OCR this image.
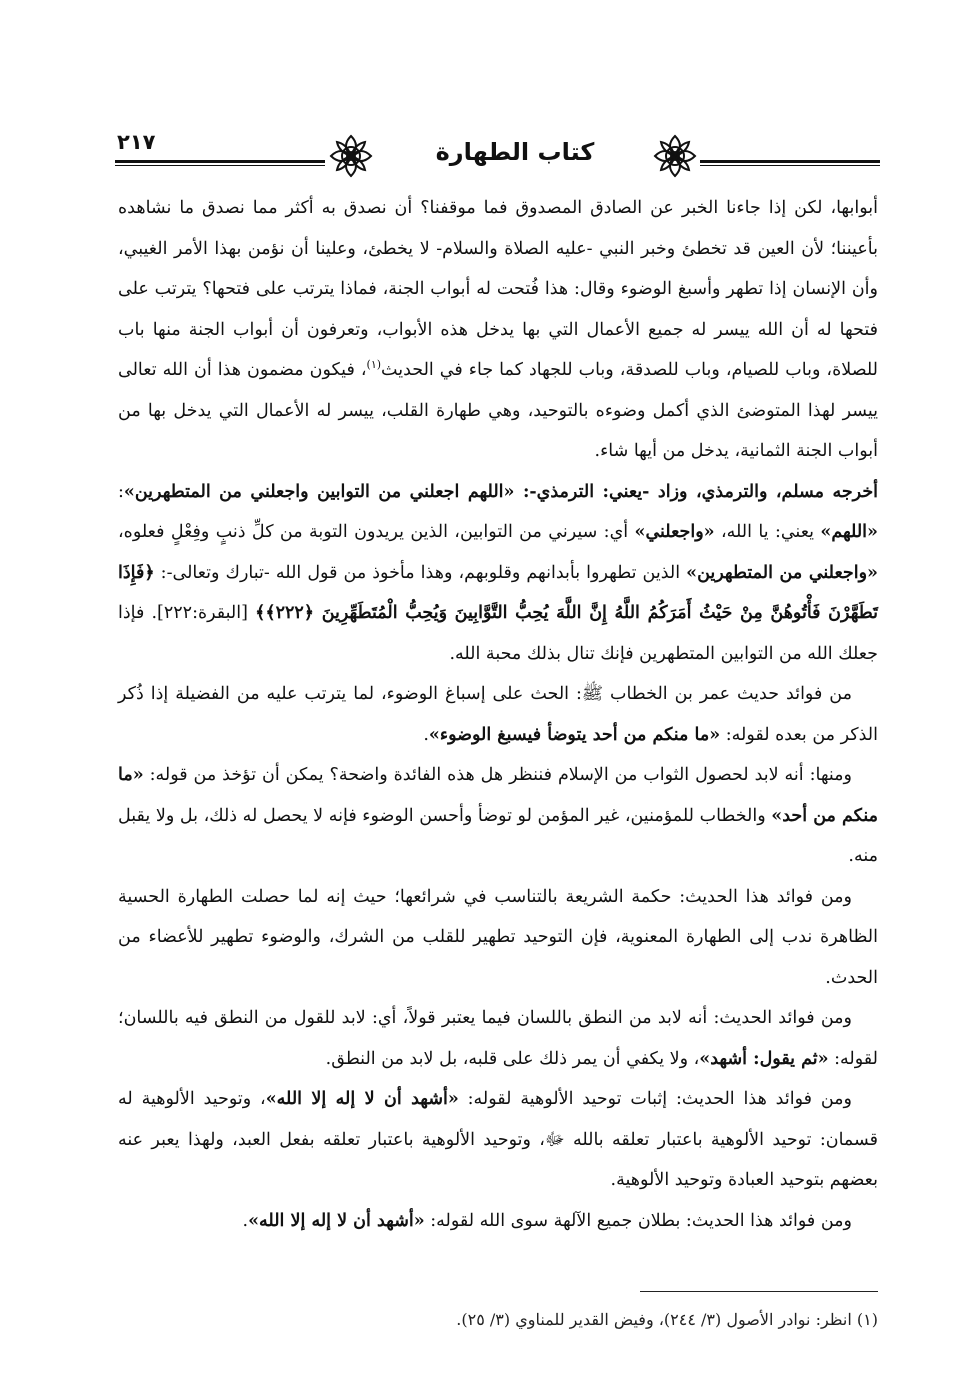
٢١٧	كتاب الطهارة

أبوابها، لكن إذا جاءنا الخبر عن الصادق المصدوق فما موقفنا؟ أن نصدق به أكثر مما نصدق ما نشاهده بأعيننا؛ لأن العين قد تخطئ وخبر النبي -عليه الصلاة والسلام- لا يخطئ، وعلينا أن نؤمن بهذا الأمر الغيبي، وأن الإنسان إذا تطهر وأسبغ الوضوء وقال: هذا فُتحت له أبواب الجنة، فماذا يترتب على فتحها؟ يترتب على فتحها له أن الله ييسر له جميع الأعمال التي بها يدخل هذه الأبواب، وتعرفون أن أبواب الجنة منها باب للصلاة، وباب للصيام، وباب للصدقة، وباب للجهاد كما جاء في الحديث$^{(١)}$، فيكون مضمون هذا أن الله تعالى ييسر لهذا المتوضئ الذي أكمل وضوءه بالتوحيد، وهي طهارة القلب، ييسر له الأعمال التي يدخل بها من أبواب الجنة الثمانية، يدخل من أيها شاء.

أخرجه مسلم، والترمذي، وزاد -يعني: الترمذي-: «اللهم اجعلني من التوابين واجعلني من المتطهرين»: «اللهم» يعني: يا الله، «واجعلني» أي: سيرني من التوابين، الذين يريدون التوبة من كلِّ ذنبٍ وفِعْلٍ فعلوه، «واجعلني من المتطهرين» الذين تطهروا بأبدانهم وقلوبهم، وهذا مأخوذ من قول الله -تبارك وتعالى-: ﴿فَإِذَا تَطَهَّرْنَ فَأْتُوهُنَّ مِنْ حَيْثُ أَمَرَكُمُ اللَّهُ إِنَّ اللَّهَ يُحِبُّ التَّوَّابِينَ وَيُحِبُّ الْمُتَطَهِّرِينَ ﴿٢٢٢﴾﴾ [البقرة:٢٢٢]. فإذا جعلك الله من التوابين المتطهرين فإنك تنال بذلك محبة الله.

من فوائد حديث عمر بن الخطاب ﷺ: الحث على إسباغ الوضوء، لما يترتب عليه من الفضيلة إذا ذُكر الذكر من بعده لقوله: «ما منكم من أحد يتوضأ فيسبغ الوضوء».

ومنها: أنه لابد لحصول الثواب من الإسلام فننظر هل هذه الفائدة واضحة؟ يمكن أن تؤخذ من قوله: «ما منكم من أحد» والخطاب للمؤمنين، غير المؤمن لو توضأ وأحسن الوضوء فإنه لا يحصل له ذلك، بل ولا يقبل منه.

ومن فوائد هذا الحديث: حكمة الشريعة بالتناسب في شرائعها؛ حيث إنه لما حصلت الطهارة الحسية الظاهرة ندب إلى الطهارة المعنوية، فإن التوحيد تطهير للقلب من الشرك، والوضوء تطهير للأعضاء من الحدث.

ومن فوائد الحديث: أنه لابد من النطق باللسان فيما يعتبر قولاً، أي: لابد للقول من النطق فيه باللسان؛ لقوله: «ثم يقول: أشهد»، ولا يكفي أن يمر ذلك على قلبه، بل لابد من النطق.

ومن فوائد هذا الحديث: إثبات توحيد الألوهية لقوله: «أشهد أن لا إله إلا الله»، وتوحيد الألوهية له قسمان: توحيد الألوهية باعتبار تعلقه بالله ﷻ، وتوحيد الألوهية باعتبار تعلقه بفعل العبد، ولهذا يعبر عنه بعضهم بتوحيد العبادة وتوحيد الألوهية.

ومن فوائد هذا الحديث: بطلان جميع الآلهة سوى الله لقوله: «أشهد أن لا إله إلا الله».

(١) انظر: نوادر الأصول (٣/ ٢٤٤)، وفيض القدير للمناوي (٣/ ٢٥).
